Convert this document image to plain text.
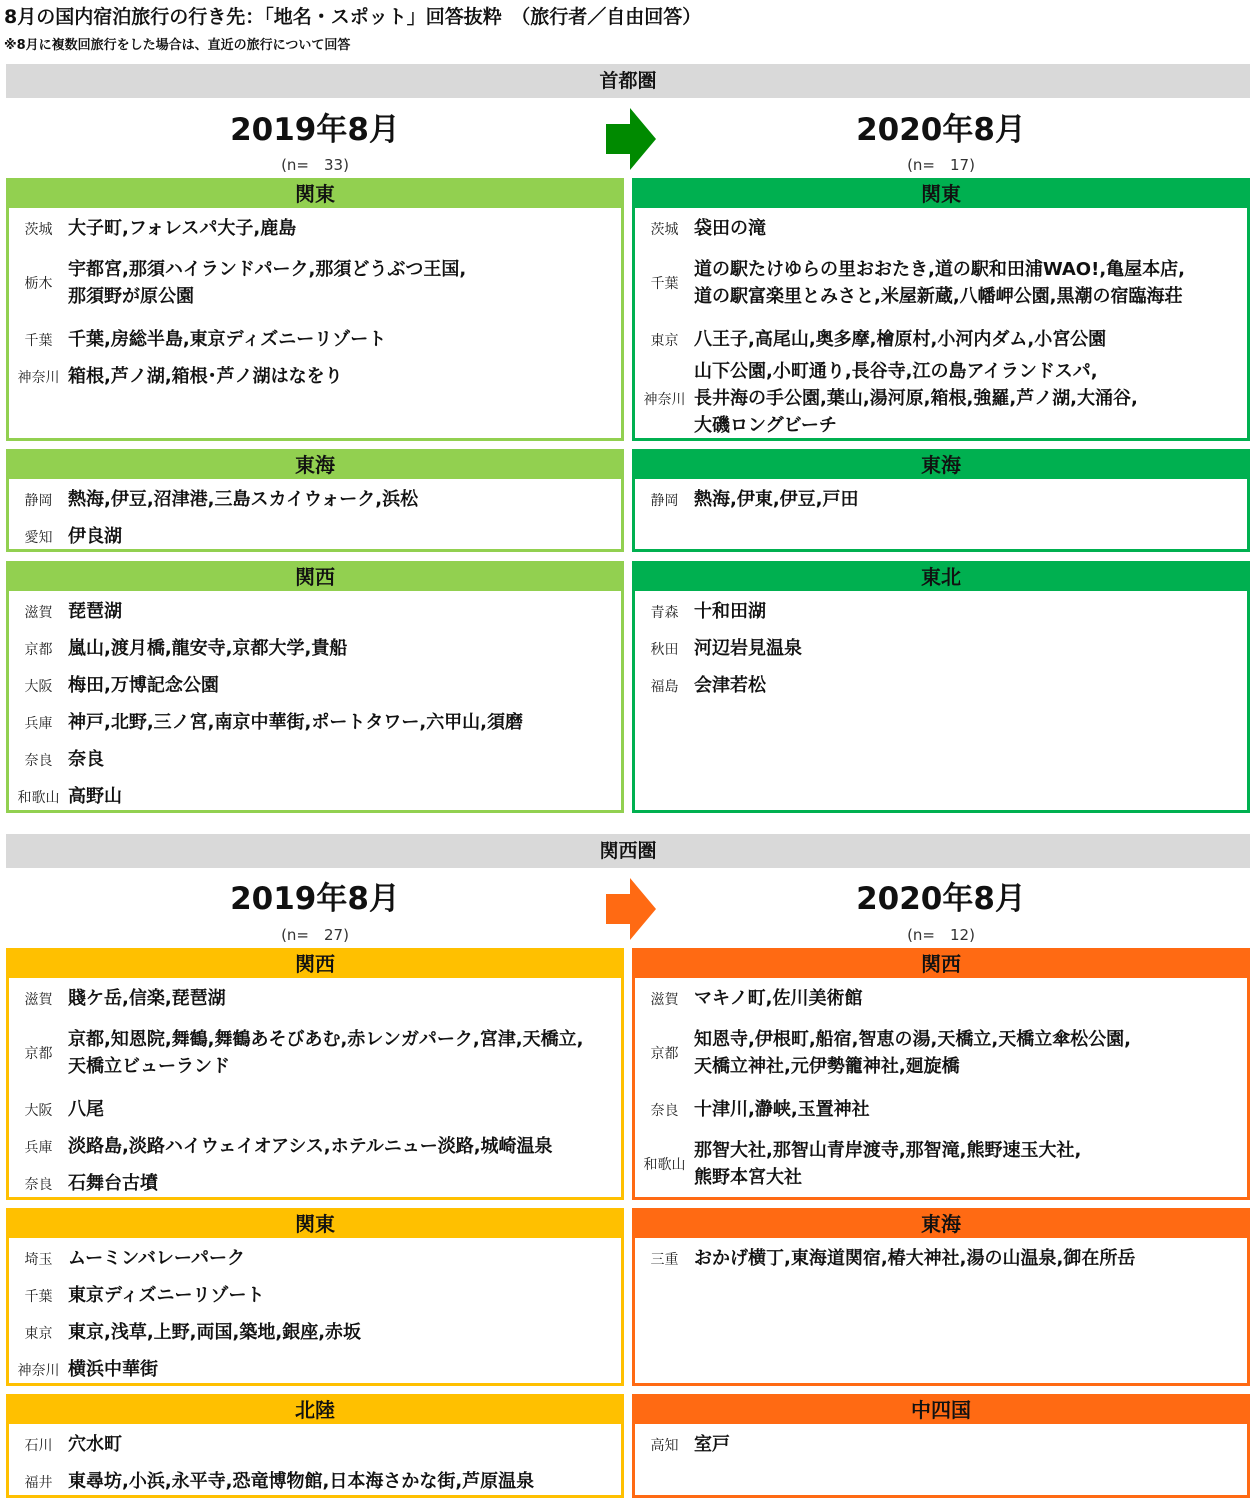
8月の国内宿泊旅行の行き先：「地名・スポット」回答抜粋　（旅行者／自由回答）
※8月に複数回旅行をした場合は、直近の旅行について回答
首都圏
2019年8月
(n=　33)
2020年8月
(n=　17)
関東
茨城 大子町,フォレスパ大子,鹿島
栃木
宇都宮,那須ハイランドパーク,那須どうぶつ王国,
那須野が原公園
千葉 千葉,房総半島,東京ディズニーリゾート
神奈川 箱根,芦ノ湖,箱根･芦ノ湖はなをり
東海
静岡 熱海,伊豆,沼津港,三島スカイウォーク,浜松
愛知 伊良湖
関西
滋賀 琵琶湖
京都 嵐山,渡月橋,龍安寺,京都大学,貴船
大阪 梅田,万博記念公園
兵庫 神戸,北野,三ノ宮,南京中華街,ポートタワー,六甲山,須磨
奈良 奈良
和歌山 高野山
関東
茨城 袋田の滝
千葉
道の駅たけゆらの里おおたき,道の駅和田浦WAO!,亀屋本店,
道の駅富楽里とみさと,米屋新蔵,八幡岬公園,黒潮の宿臨海荘
東京 八王子,高尾山,奥多摩,檜原村,小河内ダム,小宮公園
神奈川
山下公園,小町通り,長谷寺,江の島アイランドスパ,
長井海の手公園,葉山,湯河原,箱根,強羅,芦ノ湖,大涌谷,
大磯ロングビーチ
東海
静岡 熱海,伊東,伊豆,戸田
東北
青森 十和田湖
秋田 河辺岩見温泉
福島 会津若松
関西圏
2019年8月
(n=　27)
2020年8月
(n=　12)
関西
滋賀 賤ケ岳,信楽,琵琶湖
京都
京都,知恩院,舞鶴,舞鶴あそびあむ,赤レンガパーク,宮津,天橋立,
天橋立ビューランド
大阪 八尾
兵庫 淡路島,淡路ハイウェイオアシス,ホテルニュー淡路,城崎温泉
奈良 石舞台古墳
関東
埼玉 ムーミンバレーパーク
千葉 東京ディズニーリゾート
東京 東京,浅草,上野,両国,築地,銀座,赤坂
神奈川 横浜中華街
北陸
石川 穴水町
福井 東尋坊,小浜,永平寺,恐竜博物館,日本海さかな街,芦原温泉
関西
滋賀 マキノ町,佐川美術館
京都
知恩寺,伊根町,船宿,智恵の湯,天橋立,天橋立傘松公園,
天橋立神社,元伊勢籠神社,廻旋橋
奈良 十津川,瀞峡,玉置神社
和歌山
那智大社,那智山青岸渡寺,那智滝,熊野速玉大社,
熊野本宮大社
東海
三重 おかげ横丁,東海道関宿,椿大神社,湯の山温泉,御在所岳
中四国
高知 室戸
